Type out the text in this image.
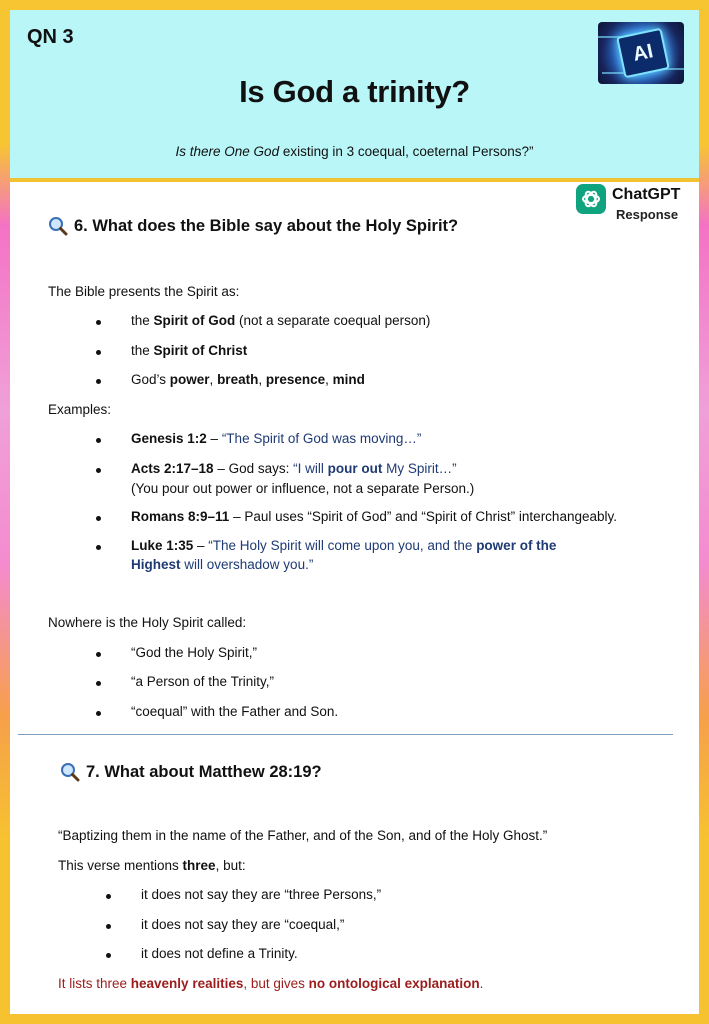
QN 3
Is God a trinity?
Is there One God existing in 3 coequal, coeternal Persons?”
AI
ChatGPT
Response
6. What does the Bible say about the Holy Spirit?
The Bible presents the Spirit as:
the Spirit of God (not a separate coequal person)
the Spirit of Christ
God’s power, breath, presence, mind
Examples:
Genesis 1:2 – “The Spirit of God was moving…”
Acts 2:17–18 – God says: “I will pour out My Spirit…”
(You pour out power or influence, not a separate Person.)
Romans 8:9–11 – Paul uses “Spirit of God” and “Spirit of Christ” interchangeably.
Luke 1:35 – “The Holy Spirit will come upon you, and the power of the
Highest will overshadow you.”
Nowhere is the Holy Spirit called:
“God the Holy Spirit,”
“a Person of the Trinity,”
“coequal” with the Father and Son.
7. What about Matthew 28:19?
“Baptizing them in the name of the Father, and of the Son, and of the Holy Ghost.”
This verse mentions three, but:
it does not say they are “three Persons,”
it does not say they are “coequal,”
it does not define a Trinity.
It lists three heavenly realities, but gives no ontological explanation.
